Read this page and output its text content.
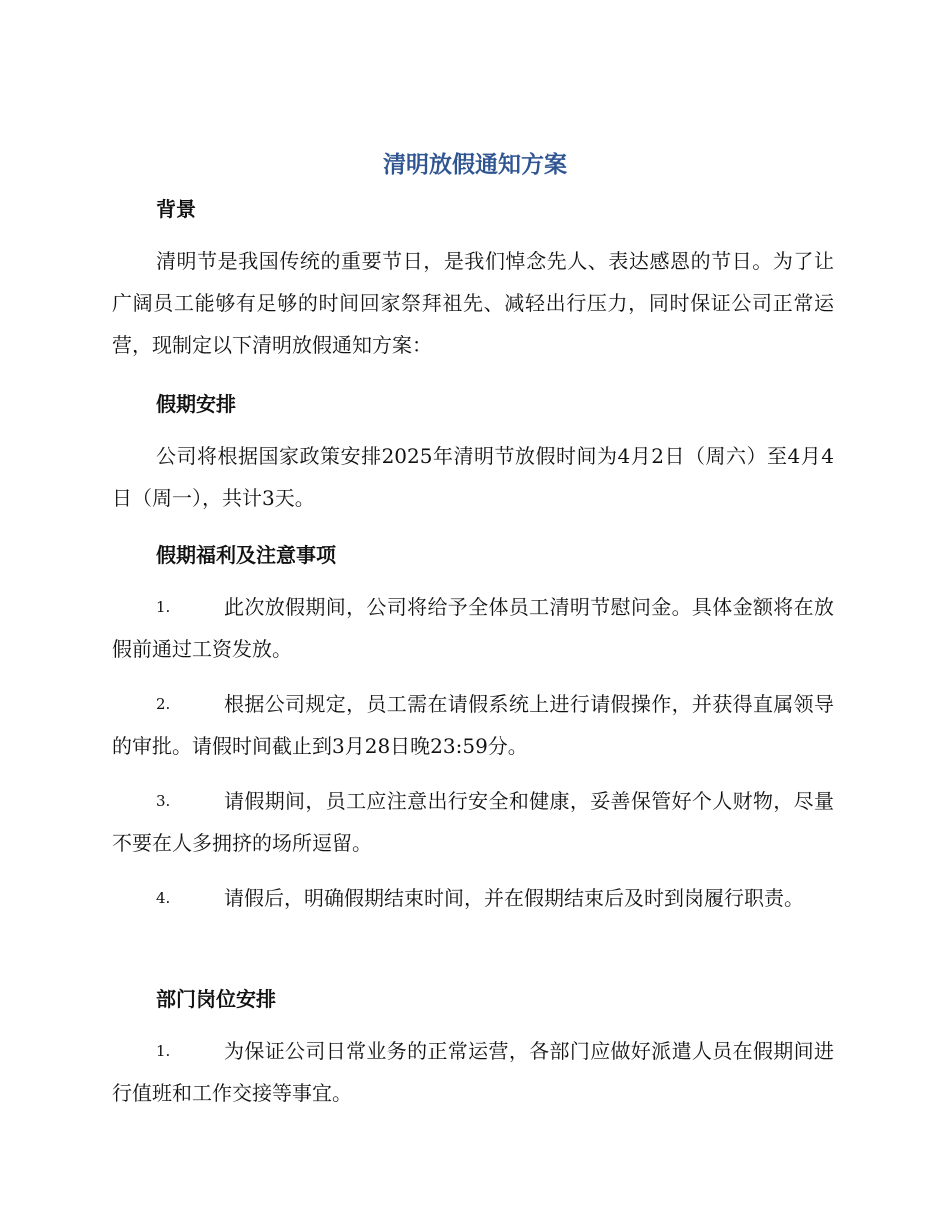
清明放假通知方案
背景
清明节是我国传统的重要节日，是我们悼念先人、表达感恩的节日。为了让广阔员工能够有足够的时间回家祭拜祖先、减轻出行压力，同时保证公司正常运营，现制定以下清明放假通知方案：
假期安排
公司将根据国家政策安排2025年清明节放假时间为4月2日（周六）至4月4日（周一），共计3天。
假期福利及注意事项
1.	此次放假期间，公司将给予全体员工清明节慰问金。具体金额将在放假前通过工资发放。
2.	根据公司规定，员工需在请假系统上进行请假操作，并获得直属领导的审批。请假时间截止到3月28日晚23:59分。
3.	请假期间，员工应注意出行安全和健康，妥善保管好个人财物，尽量不要在人多拥挤的场所逗留。
4.	请假后，明确假期结束时间，并在假期结束后及时到岗履行职责。
部门岗位安排
1.	为保证公司日常业务的正常运营，各部门应做好派遣人员在假期间进行值班和工作交接等事宜。
